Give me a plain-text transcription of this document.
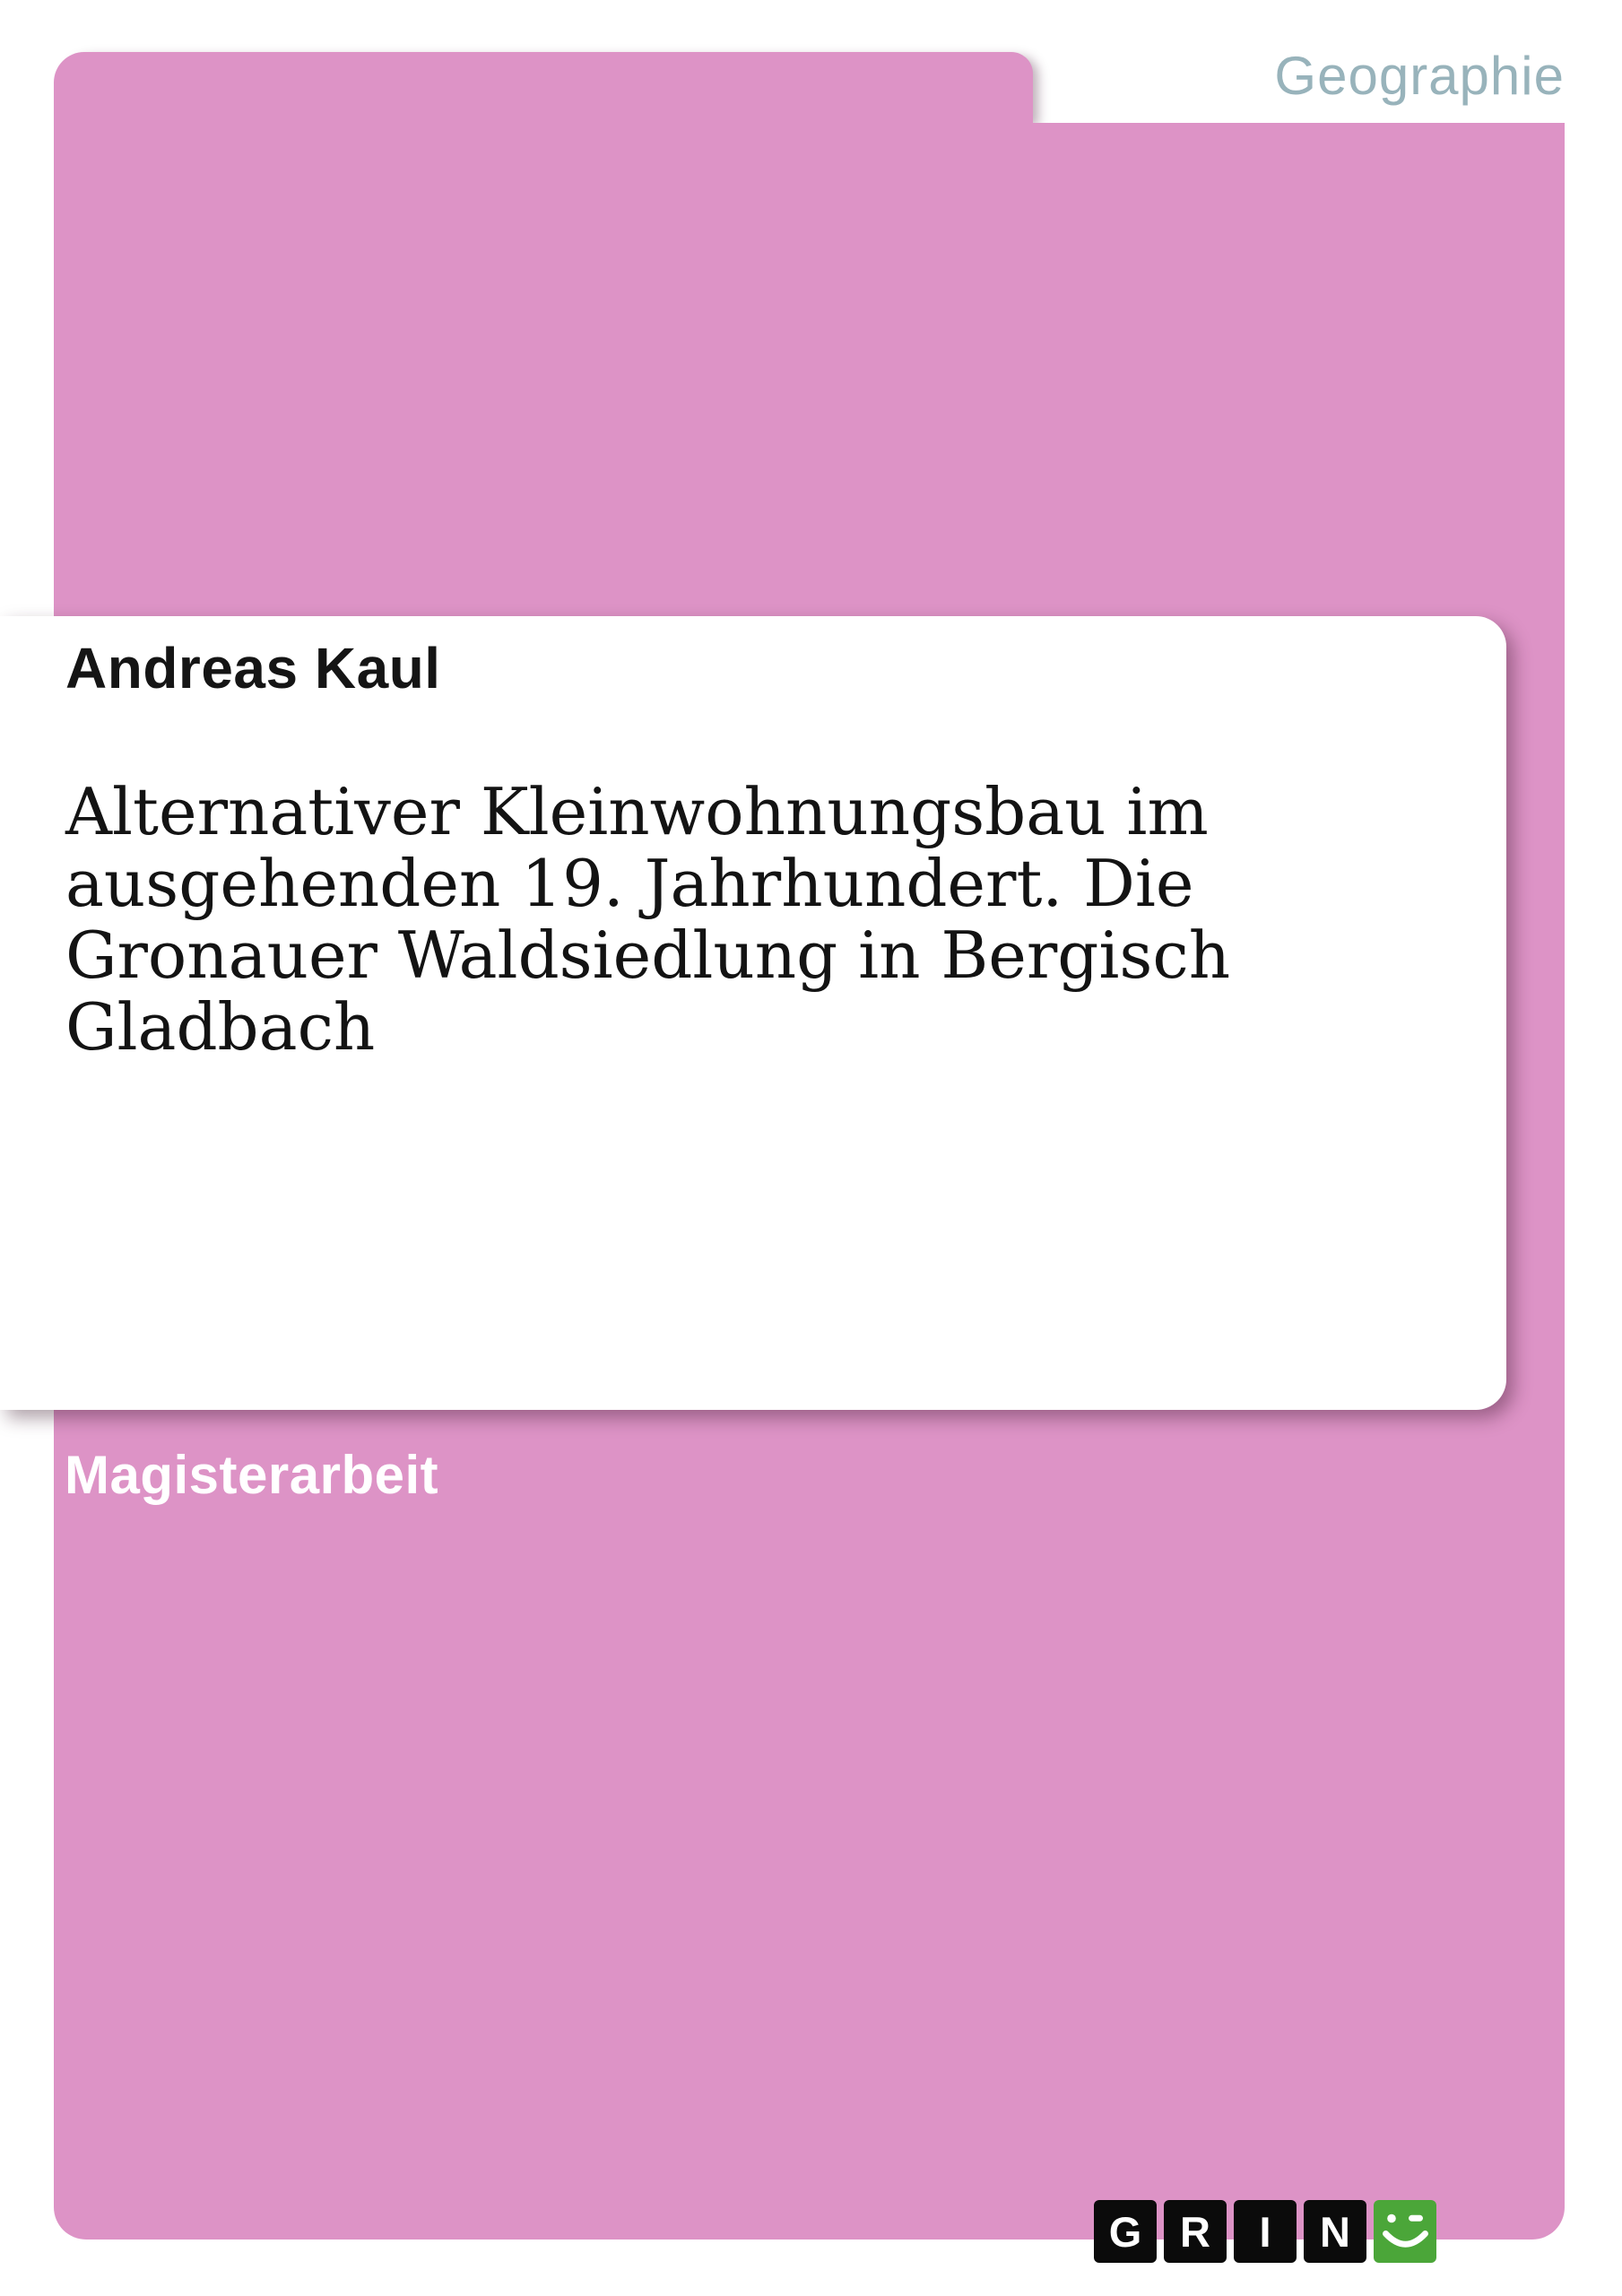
Geographie
Andreas Kaul
Alternativer Kleinwohnungsbau im
ausgehenden 19. Jahrhundert. Die
Gronauer Waldsiedlung in Bergisch
Gladbach
Magisterarbeit
G R	I	N
